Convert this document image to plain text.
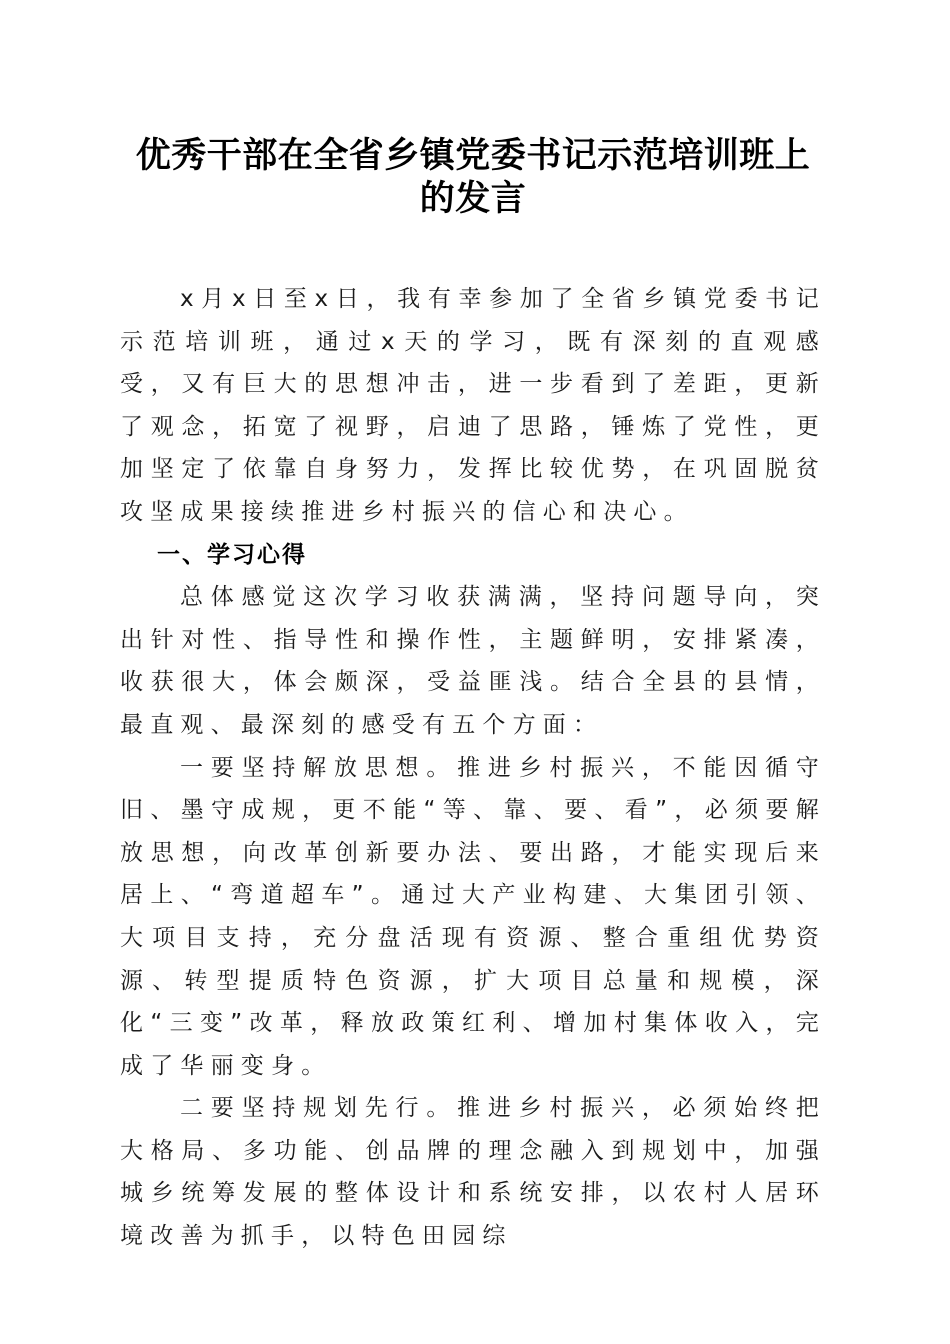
优秀干部在全省乡镇党委书记示范培训班上的发言

x月x日至x日，我有幸参加了全省乡镇党委书记示范培训班，通过x天的学习，既有深刻的直观感受，又有巨大的思想冲击，进一步看到了差距，更新了观念，拓宽了视野，启迪了思路，锤炼了党性，更加坚定了依靠自身努力，发挥比较优势，在巩固脱贫攻坚成果接续推进乡村振兴的信心和决心。

一、学习心得

总体感觉这次学习收获满满，坚持问题导向，突出针对性、指导性和操作性，主题鲜明，安排紧凑，收获很大，体会颇深，受益匪浅。结合全县的县情，最直观、最深刻的感受有五个方面：

一要坚持解放思想。推进乡村振兴，不能因循守旧、墨守成规，更不能“等、靠、要、看”，必须要解放思想，向改革创新要办法、要出路，才能实现后来居上、“弯道超车”。通过大产业构建、大集团引领、大项目支持，充分盘活现有资源、整合重组优势资源、转型提质特色资源，扩大项目总量和规模，深化“三变”改革，释放政策红利、增加村集体收入，完成了华丽变身。

二要坚持规划先行。推进乡村振兴，必须始终把大格局、多功能、创品牌的理念融入到规划中，加强城乡统筹发展的整体设计和系统安排，以农村人居环境改善为抓手，以特色田园综
